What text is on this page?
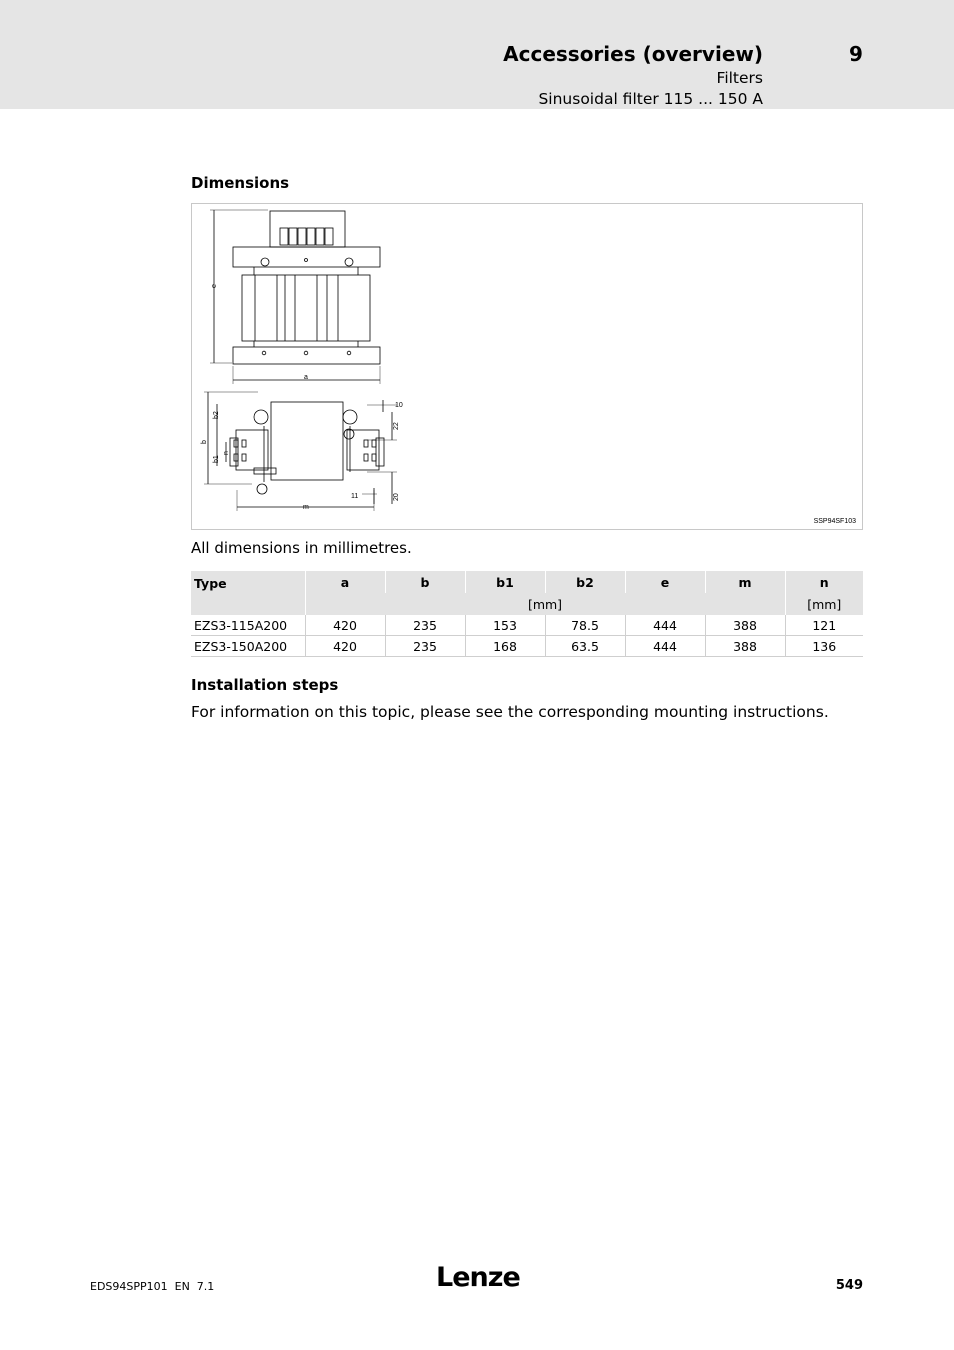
Accessories (overview)	9
Filters
Sinusoidal filter 115 ... 150 A
Dimensions
e
a
b
b1
b2
n
m
10
22
20
11
SSP94SF103
All dimensions in millimetres.
Type	a	b	b1	b2	e	m	n
	[mm]						[mm]
EZS3-115A200	420	235	153	78.5	444	388	121
EZS3-150A200	420	235	168	63.5	444	388	136
Installation steps
For information on this topic, please see the corresponding mounting instructions.
EDS94SPP101  EN  7.1	Lenze	549
